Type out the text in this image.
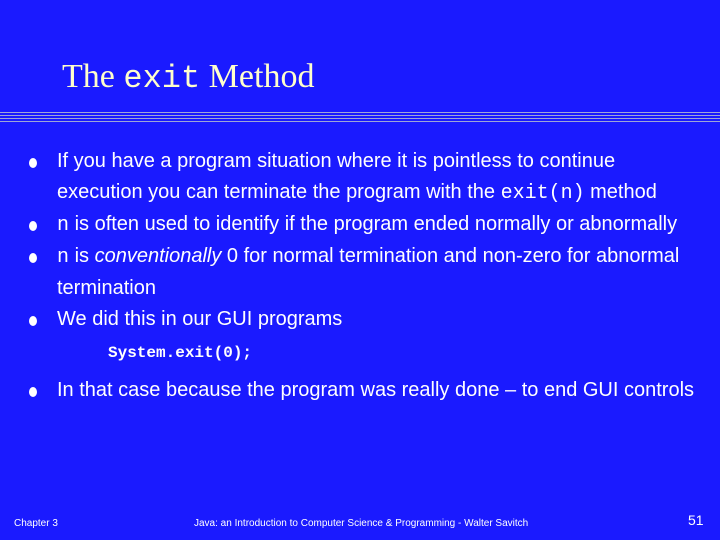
The exit Method
If you have a program situation where it is pointless to continue execution you can terminate the program with the exit(n) method
n is often used to identify if the program ended normally or abnormally
n is conventionally 0 for normal termination and non-zero for abnormal termination
We did this in our GUI programs
System.exit(0);
In that case because the program was really done – to end GUI controls
Chapter 3	Java: an Introduction to Computer Science & Programming - Walter Savitch	51
